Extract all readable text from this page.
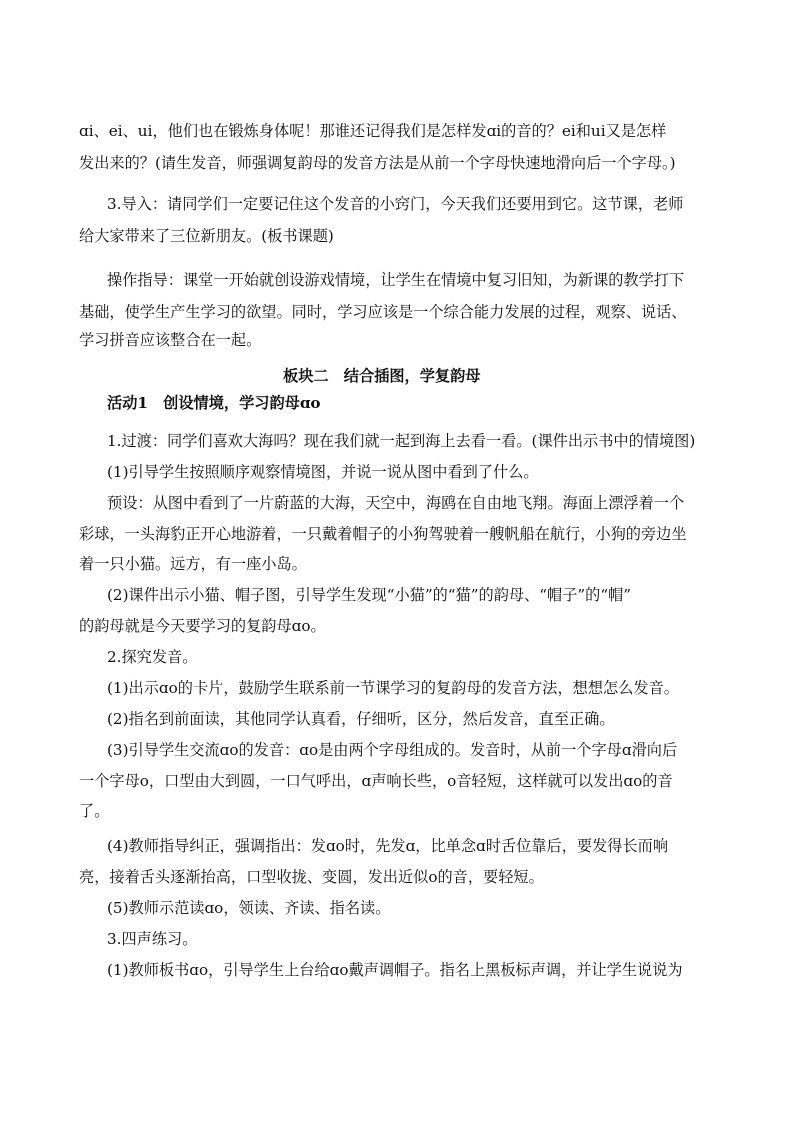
ɑi、ei、ui，他们也在锻炼身体呢！那谁还记得我们是怎样发ɑi的音的？ei和ui又是怎样
发出来的？(请生发音，师强调复韵母的发音方法是从前一个字母快速地滑向后一个字母。)
3.导入：请同学们一定要记住这个发音的小窍门，今天我们还要用到它。这节课，老师
给大家带来了三位新朋友。(板书课题)
操作指导：课堂一开始就创设游戏情境，让学生在情境中复习旧知，为新课的教学打下
基础，使学生产生学习的欲望。同时，学习应该是一个综合能力发展的过程，观察、说话、
学习拼音应该整合在一起。
板块二　结合插图，学复韵母
活动1　创设情境，学习韵母ɑo
1.过渡：同学们喜欢大海吗？现在我们就一起到海上去看一看。(课件出示书中的情境图)
(1)引导学生按照顺序观察情境图，并说一说从图中看到了什么。
预设：从图中看到了一片蔚蓝的大海，天空中，海鸥在自由地飞翔。海面上漂浮着一个
彩球，一头海豹正开心地游着，一只戴着帽子的小狗驾驶着一艘帆船在航行，小狗的旁边坐
着一只小猫。远方，有一座小岛。
(2)课件出示小猫、帽子图，引导学生发现“小猫”的“猫”的韵母、“帽子”的“帽”
的韵母就是今天要学习的复韵母ɑo。
2.探究发音。
(1)出示ɑo的卡片，鼓励学生联系前一节课学习的复韵母的发音方法，想想怎么发音。
(2)指名到前面读，其他同学认真看，仔细听，区分，然后发音，直至正确。
(3)引导学生交流ɑo的发音：ɑo是由两个字母组成的。发音时，从前一个字母ɑ滑向后
一个字母o，口型由大到圆，一口气呼出，ɑ声响长些，o音轻短，这样就可以发出ɑo的音
了。
(4)教师指导纠正，强调指出：发ɑo时，先发ɑ，比单念ɑ时舌位靠后，要发得长而响
亮，接着舌头逐渐抬高，口型收拢、变圆，发出近似o的音，要轻短。
(5)教师示范读ɑo，领读、齐读、指名读。
3.四声练习。
(1)教师板书ɑo，引导学生上台给ɑo戴声调帽子。指名上黑板标声调，并让学生说说为
